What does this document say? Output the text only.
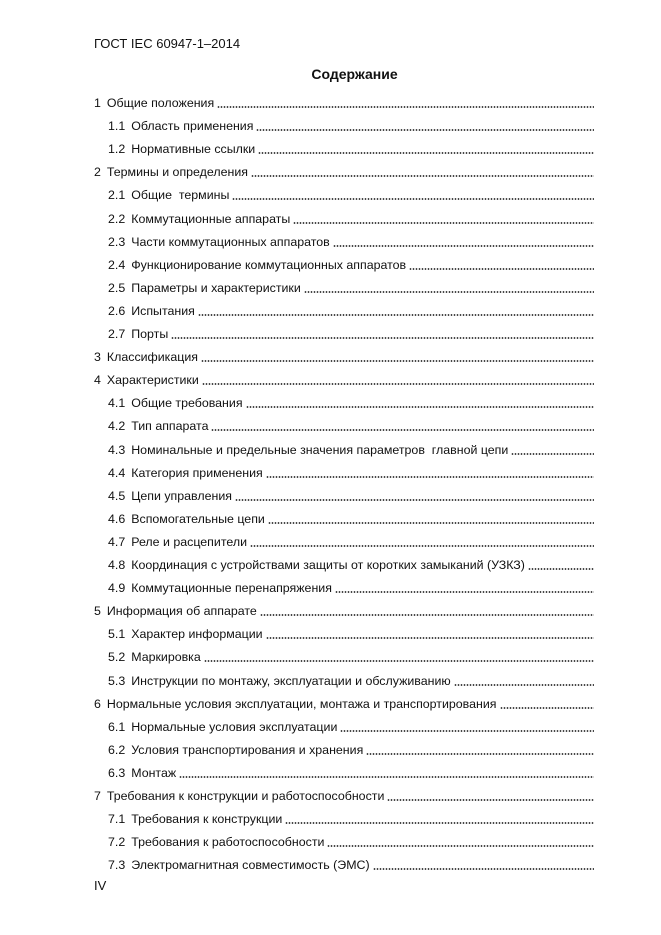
ГОСТ IEC 60947-1–2014
Содержание
1 Общие положения
1.1 Область применения
1.2 Нормативные ссылки
2 Термины и определения
2.1 Общие  термины
2.2 Коммутационные аппараты
2.3 Части коммутационных аппаратов
2.4 Функционирование коммутационных аппаратов
2.5 Параметры и характеристики
2.6 Испытания
2.7 Порты
3 Классификация
4 Характеристики
4.1 Общие требования
4.2 Тип аппарата
4.3 Номинальные и предельные значения параметров  главной цепи
4.4 Категория применения
4.5 Цепи управления
4.6 Вспомогательные цепи
4.7 Реле и расцепители
4.8 Координация с устройствами защиты от коротких замыканий (УЗКЗ)
4.9 Коммутационные перенапряжения
5 Информация об аппарате
5.1 Характер информации
5.2 Маркировка
5.3 Инструкции по монтажу, эксплуатации и обслуживанию
6 Нормальные условия эксплуатации, монтажа и транспортирования
6.1 Нормальные условия эксплуатации
6.2 Условия транспортирования и хранения
6.3 Монтаж
7 Требования к конструкции и работоспособности
7.1 Требования к конструкции
7.2 Требования к работоспособности
7.3 Электромагнитная совместимость (ЭМС)
IV
